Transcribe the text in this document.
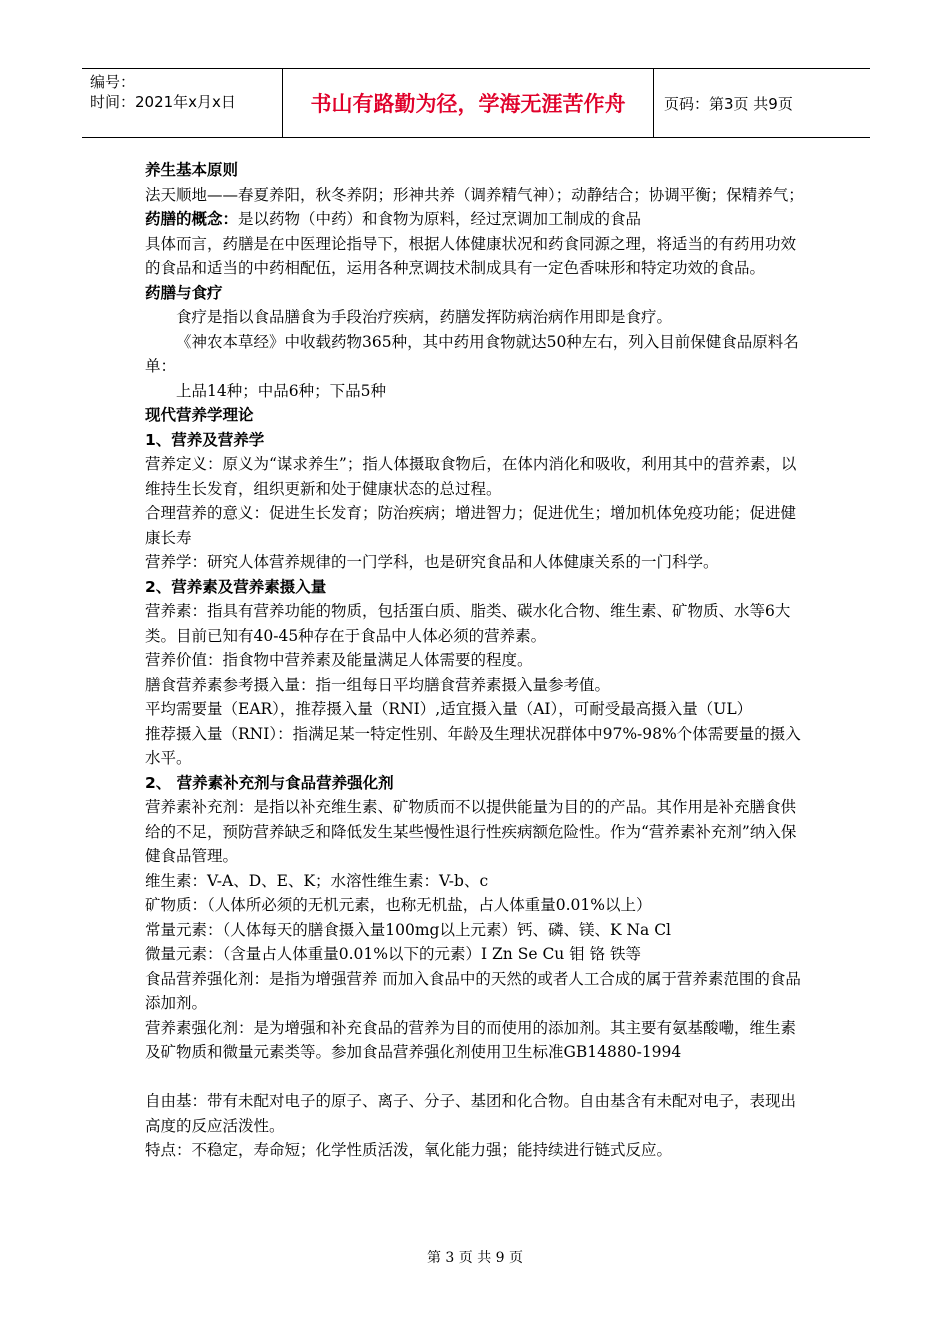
编号：
时间：2021年x月x日	书山有路勤为径，学海无涯苦作舟	页码：第3页 共9页

养生基本原则

法天顺地——春夏养阳，秋冬养阴；形神共养（调养精气神）；动静结合；协调平衡；保精养气；

药膳的概念：是以药物（中药）和食物为原料，经过烹调加工制成的食品

具体而言，药膳是在中医理论指导下，根据人体健康状况和药食同源之理，将适当的有药用功效的食品和适当的中药相配伍，运用各种烹调技术制成具有一定色香味形和特定功效的食品。

药膳与食疗

食疗是指以食品膳食为手段治疗疾病，药膳发挥防病治病作用即是食疗。

《神农本草经》中收载药物365种，其中药用食物就达50种左右，列入目前保健食品原料名单：

上品14种；中品6种；下品5种

现代营养学理论

1、营养及营养学

营养定义：原义为“谋求养生”；指人体摄取食物后，在体内消化和吸收，利用其中的营养素，以维持生长发育，组织更新和处于健康状态的总过程。

合理营养的意义：促进生长发育；防治疾病；增进智力；促进优生；增加机体免疫功能；促进健康长寿

营养学：研究人体营养规律的一门学科，也是研究食品和人体健康关系的一门科学。

2、营养素及营养素摄入量

营养素：指具有营养功能的物质，包括蛋白质、脂类、碳水化合物、维生素、矿物质、水等6大类。目前已知有40-45种存在于食品中人体必须的营养素。

营养价值：指食物中营养素及能量满足人体需要的程度。

膳食营养素参考摄入量：指一组每日平均膳食营养素摄入量参考值。

平均需要量（EAR），推荐摄入量（RNI）,适宜摄入量（AI），可耐受最高摄入量（UL）

推荐摄入量（RNI）：指满足某一特定性别、年龄及生理状况群体中97%-98%个体需要量的摄入水平。

2、 营养素补充剂与食品营养强化剂

营养素补充剂：是指以补充维生素、矿物质而不以提供能量为目的的产品。其作用是补充膳食供给的不足，预防营养缺乏和降低发生某些慢性退行性疾病额危险性。作为“营养素补充剂”纳入保健食品管理。

维生素：V-A、D、E、K；水溶性维生素：V-b、c

矿物质：（人体所必须的无机元素，也称无机盐，占人体重量0.01%以上）

常量元素：（人体每天的膳食摄入量100mg以上元素）钙、磷、镁、K Na Cl

微量元素：（含量占人体重量0.01%以下的元素）I Zn Se Cu 钼 铬 铁等

食品营养强化剂：是指为增强营养 而加入食品中的天然的或者人工合成的属于营养素范围的食品添加剂。

营养素强化剂：是为增强和补充食品的营养为目的而使用的添加剂。其主要有氨基酸嘞，维生素及矿物质和微量元素类等。参加食品营养强化剂使用卫生标准GB14880-1994

自由基：带有未配对电子的原子、离子、分子、基团和化合物。自由基含有未配对电子，表现出高度的反应活泼性。

特点：不稳定，寿命短；化学性质活泼，氧化能力强；能持续进行链式反应。

第 3 页 共 9 页
